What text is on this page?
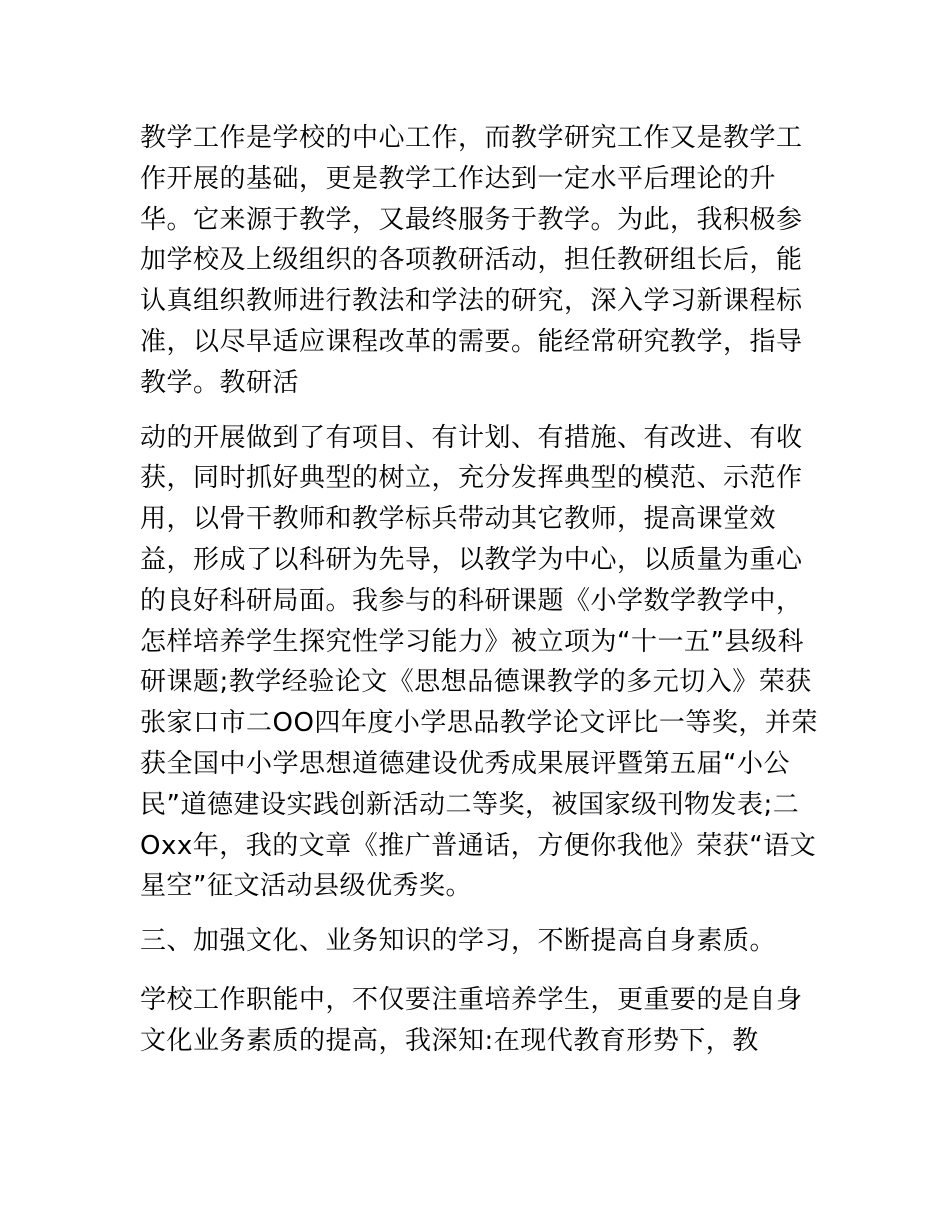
教学工作是学校的中心工作，而教学研究工作又是教学工作开展的基础，更是教学工作达到一定水平后理论的升华。它来源于教学，又最终服务于教学。为此，我积极参加学校及上级组织的各项教研活动，担任教研组长后，能认真组织教师进行教法和学法的研究，深入学习新课程标准，以尽早适应课程改革的需要。能经常研究教学，指导教学。教研活

动的开展做到了有项目、有计划、有措施、有改进、有收获，同时抓好典型的树立，充分发挥典型的模范、示范作用，以骨干教师和教学标兵带动其它教师，提高课堂效益，形成了以科研为先导，以教学为中心，以质量为重心的良好科研局面。我参与的科研课题《小学数学教学中，怎样培养学生探究性学习能力》被立项为“十一五”县级科研课题;教学经验论文《思想品德课教学的多元切入》荣获张家口市二OO四年度小学思品教学论文评比一等奖，并荣获全国中小学思想道德建设优秀成果展评暨第五届“小公民”道德建设实践创新活动二等奖，被国家级刊物发表;二Oxx年，我的文章《推广普通话，方便你我他》荣获“语文星空”征文活动县级优秀奖。

三、加强文化、业务知识的学习，不断提高自身素质。

学校工作职能中，不仅要注重培养学生，更重要的是自身文化业务素质的提高，我深知:在现代教育形势下，教
